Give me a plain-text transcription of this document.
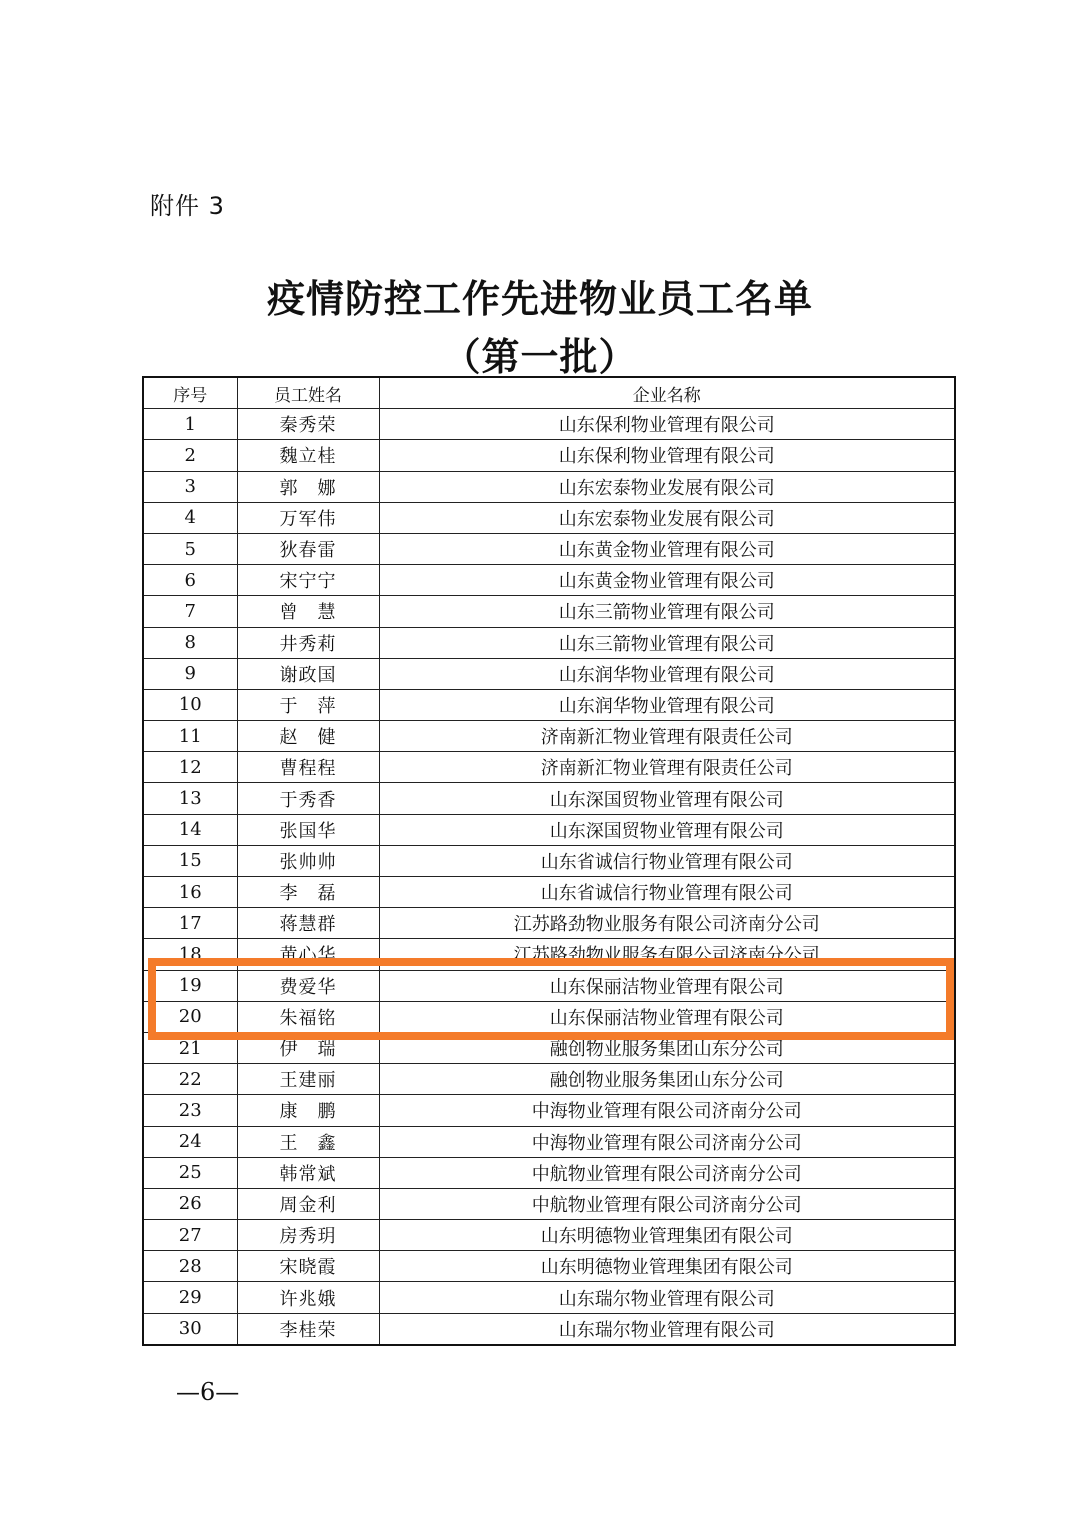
附件 3
疫情防控工作先进物业员工名单
（第一批）
序号	员工姓名	企业名称
1	秦秀荣	山东保利物业管理有限公司
2	魏立桂	山东保利物业管理有限公司
3	郭　娜	山东宏泰物业发展有限公司
4	万军伟	山东宏泰物业发展有限公司
5	狄春雷	山东黄金物业管理有限公司
6	宋宁宁	山东黄金物业管理有限公司
7	曾　慧	山东三箭物业管理有限公司
8	井秀莉	山东三箭物业管理有限公司
9	谢政国	山东润华物业管理有限公司
10	于　萍	山东润华物业管理有限公司
11	赵　健	济南新汇物业管理有限责任公司
12	曹程程	济南新汇物业管理有限责任公司
13	于秀香	山东深国贸物业管理有限公司
14	张国华	山东深国贸物业管理有限公司
15	张帅帅	山东省诚信行物业管理有限公司
16	李　磊	山东省诚信行物业管理有限公司
17	蒋慧群	江苏路劲物业服务有限公司济南分公司
18	黄心华	江苏路劲物业服务有限公司济南分公司
19	费爱华	山东保丽洁物业管理有限公司
20	朱福铭	山东保丽洁物业管理有限公司
21	伊　瑞	融创物业服务集团山东分公司
22	王建丽	融创物业服务集团山东分公司
23	康　鹏	中海物业管理有限公司济南分公司
24	王　鑫	中海物业管理有限公司济南分公司
25	韩常斌	中航物业管理有限公司济南分公司
26	周金利	中航物业管理有限公司济南分公司
27	房秀玥	山东明德物业管理集团有限公司
28	宋晓霞	山东明德物业管理集团有限公司
29	许兆娥	山东瑞尔物业管理有限公司
30	李桂荣	山东瑞尔物业管理有限公司
—6—
